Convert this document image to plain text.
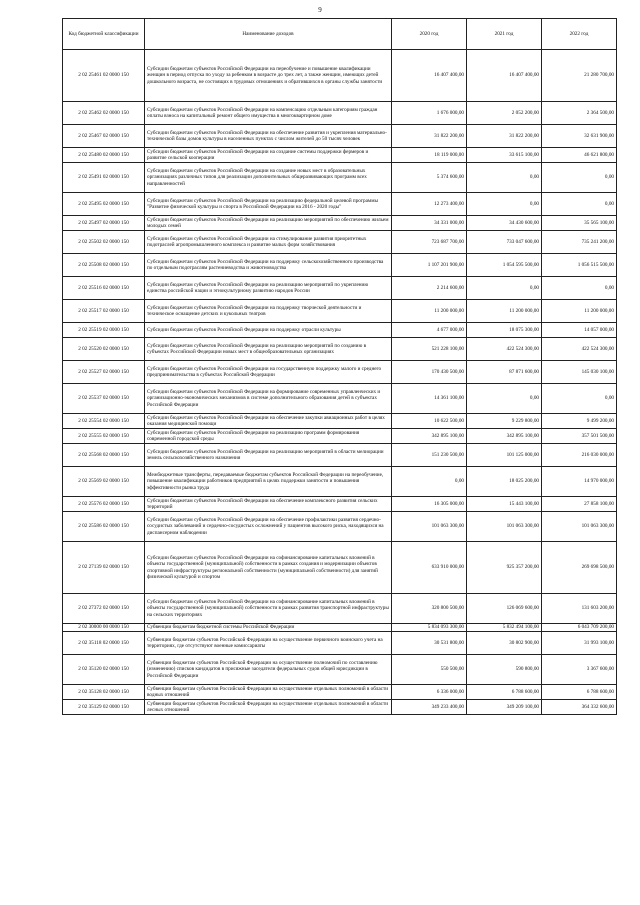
9
Код бюджетной классификации	Наименование доходов	2020 год	2021 год	2022 год
2 02 25461 02 0000 150	Субсидии бюджетам субъектов Российской Федерации на переобучение и повышение квалификации женщин в период отпуска по уходу за ребенком в возрасте до трех лет, а также женщин, имеющих детей дошкольного возраста, не состоящих в трудовых отношениях и обратившихся в органы службы занятости	16 407 400,00	16 407 400,00	21 280 700,00
2 02 25462 02 0000 150	Субсидии бюджетам субъектов Российской Федерации на компенсацию отдельным категориям граждан оплаты взноса на капитальный ремонт общего имущества в многоквартирном доме	1 676 000,00	2 052 200,00	2 364 500,00
2 02 25467 02 0000 150	Субсидии бюджетам субъектов Российской Федерации на обеспечение развития и укрепления материально-технической базы домов культуры в населенных пунктах с числом жителей до 50 тысяч человек	31 822 200,00	31 822 200,00	32 631 900,00
2 02 25480 02 0000 150	Субсидии бюджетам субъектов Российской Федерации на создание системы поддержки фермеров и развитие сельской кооперации	18 119 000,00	33 615 100,00	46 621 800,00
2 02 25491 02 0000 150	Субсидии бюджетам субъектов Российской Федерации на создание новых мест в образовательных организациях различных типов для реализации дополнительных общеразвивающих программ всех направленностей	5 374 600,00	0,00	0,00
2 02 25495 02 0000 150	Субсидии бюджетам субъектов Российской Федерации на реализацию федеральной целевой программы "Развитие физической культуры и спорта в Российской Федерации на 2016 - 2020 годы"	12 273 400,00	0,00	0,00
2 02 25497 02 0000 150	Субсидии бюджетам субъектов Российской Федерации на реализацию мероприятий по обеспечению жильем молодых семей	34 331 000,00	34 430 600,00	35 565 100,00
2 02 25502 02 0000 150	Субсидии бюджетам субъектов Российской Федерации на стимулирование развития приоритетных подотраслей агропромышленного комплекса и развитие малых форм хозяйствования	723 687 700,00	733 047 600,00	735 241 200,00
2 02 25508 02 0000 150	Субсидии бюджетам субъектов Российской Федерации на поддержку сельскохозяйственного производства по отдельным подотраслям растениеводства и животноводства	1 107 201 900,00	1 054 595 500,00	1 056 515 500,00
2 02 25516 02 0000 150	Субсидии бюджетам субъектов Российской Федерации на реализацию мероприятий по укреплению единства российской нации и этнокультурному развитию народов России	2 214 600,00	0,00	0,00
2 02 25517 02 0000 150	Субсидии бюджетам субъектов Российской Федерации на поддержку творческой деятельности и техническое оснащение детских и кукольных театров	11 200 000,00	11 200 000,00	11 200 000,00
2 02 25519 02 0000 150	Субсидии бюджетам субъектов Российской Федерации на поддержку отрасли культуры	4 677 000,00	18 075 300,00	14 057 000,00
2 02 25520 02 0000 150	Субсидии бюджетам субъектов Российской Федерации на реализацию мероприятий по созданию в субъектах Российской Федерации новых мест в общеобразовательных организациях	521 228 100,00	422 524 300,00	422 524 300,00
2 02 25527 02 0000 150	Субсидии бюджетам субъектов Российской Федерации на государственную поддержку малого и среднего предпринимательства в субъектах Российской Федерации	170 430 500,00	87 871 600,00	145 030 100,00
2 02 25537 02 0000 150	Субсидии бюджетам субъектов Российской Федерации на формирование современных управленческих и организационно-экономических механизмов в системе дополнительного образования детей в субъектах Российской Федерации	14 361 100,00	0,00	0,00
2 02 25554 02 0000 150	Субсидии бюджетам субъектов Российской Федерации на обеспечение закупки авиационных работ в целях оказания медицинской помощи	10 622 500,00	9 229 800,00	9 499 200,00
2 02 25555 02 0000 150	Субсидии бюджетам субъектов Российской Федерации на реализацию программ формирования современной городской среды	342 895 100,00	342 895 100,00	357 501 500,00
2 02 25568 02 0000 150	Субсидии бюджетам субъектов Российской Федерации на реализацию мероприятий в области мелиорации земель сельскохозяйственного назначения	151 230 500,00	101 125 000,00	216 030 000,00
2 02 25569 02 0000 150	Межбюджетные трансферты, передаваемые бюджетам субъектов Российской Федерации на переобучение, повышение квалификации работников предприятий в целях поддержки занятости и повышения эффективности рынка труда	0,00	18 025 200,00	14 970 000,00
2 02 25576 02 0000 150	Субсидии бюджетам субъектов Российской Федерации на обеспечение комплексного развития сельских территорий	16 305 000,00	15 443 100,00	27 858 100,00
2 02 25586 02 0000 150	Субсидии бюджетам субъектов Российской Федерации на обеспечение профилактики развития сердечно-сосудистых заболеваний и сердечно-сосудистых осложнений у пациентов высокого риска, находящихся на диспансерном наблюдении	101 063 300,00	101 063 300,00	101 063 300,00
2 02 27139 02 0000 150	Субсидии бюджетам субъектов Российской Федерации на софинансирование капитальных вложений в объекты государственной (муниципальной) собственности в рамках создания и модернизации объектов спортивной инфраструктуры региональной собственности (муниципальной собственности) для занятий физической культурой и спортом	633 910 000,00	925 357 200,00	269 698 500,00
2 02 27372 02 0000 150	Субсидии бюджетам субъектов Российской Федерации на софинансирование капитальных вложений в объекты государственной (муниципальной) собственности в рамках развития транспортной инфраструктуры на сельских территориях	320 800 500,00	126 069 600,00	131 603 200,00
2 02 30000 00 0000 150	Субвенции бюджетам бюджетной системы Российской Федерации	5 834 093 300,00	5 832 494 100,00	6 043 709 200,00
2 02 35118 02 0000 150	Субвенции бюджетам субъектов Российской Федерации на осуществление первичного воинского учета на территориях, где отсутствуют военные комиссариаты	30 531 800,00	30 802 900,00	31 993 100,00
2 02 35120 02 0000 150	Субвенции бюджетам субъектов Российской Федерации на осуществление полномочий по составлению (изменению) списков кандидатов в присяжные заседатели федеральных судов общей юрисдикции в Российской Федерации	550 500,00	590 800,00	3 367 600,00
2 02 35128 02 0000 150	Субвенции бюджетам субъектов Российской Федерации на осуществление отдельных полномочий в области водных отношений	6 336 000,00	6 788 600,00	6 788 600,00
2 02 35129 02 0000 150	Субвенции бюджетам субъектов Российской Федерации на осуществление отдельных полномочий в области лесных отношений	349 233 400,00	349 209 100,00	364 332 600,00
